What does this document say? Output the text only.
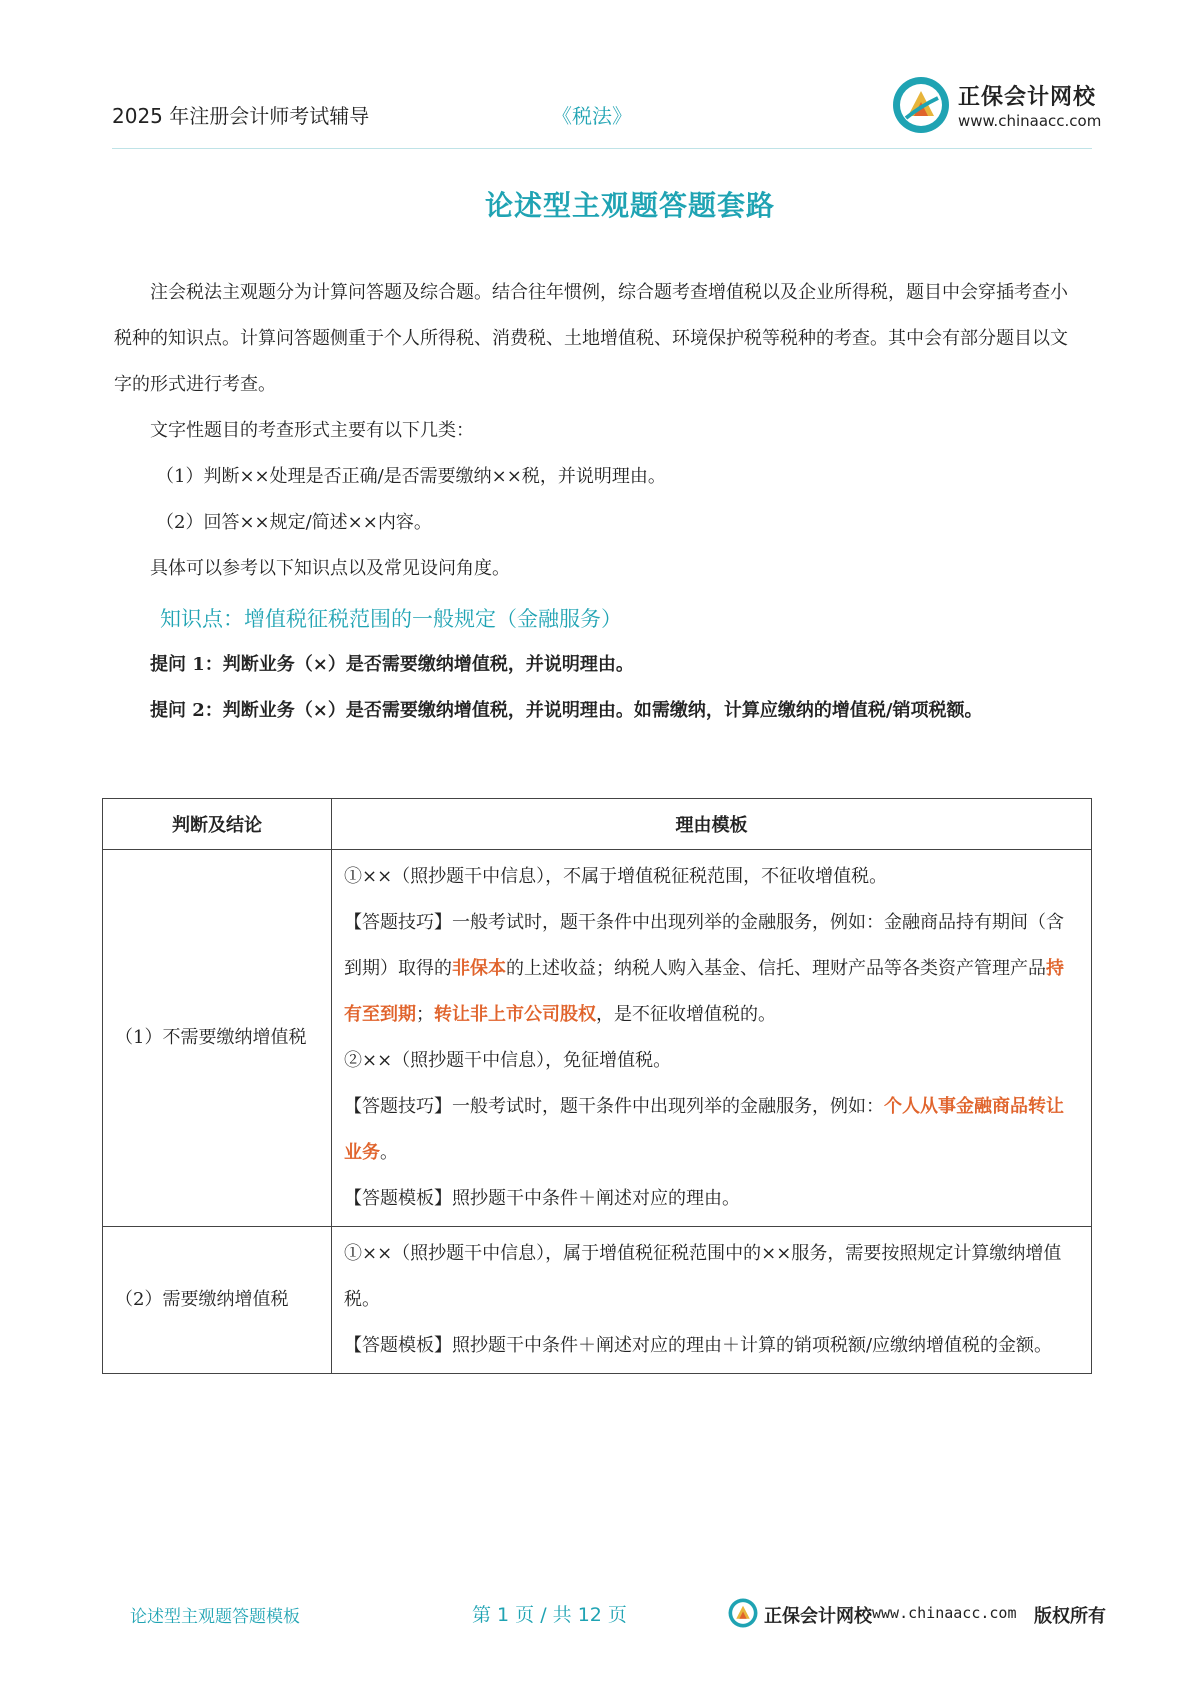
2025 年注册会计师考试辅导	《税法》
正保会计网校
www.chinaacc.com
论述型主观题答题套路

注会税法主观题分为计算问答题及综合题。结合往年惯例，综合题考查增值税以及企业所得税，题目中会穿插考查小税种的知识点。计算问答题侧重于个人所得税、消费税、土地增值税、环境保护税等税种的考查。其中会有部分题目以文字的形式进行考查。

文字性题目的考查形式主要有以下几类：

（1）判断××处理是否正确/是否需要缴纳××税，并说明理由。

（2）回答××规定/简述××内容。

具体可以参考以下知识点以及常见设问角度。

知识点：增值税征税范围的一般规定（金融服务）

提问 1：判断业务（×）是否需要缴纳增值税，并说明理由。

提问 2：判断业务（×）是否需要缴纳增值税，并说明理由。如需缴纳，计算应缴纳的增值税/销项税额。

判断及结论	理由模板
（1）不需要缴纳增值税	①××（照抄题干中信息），不属于增值税征税范围，不征收增值税。

【答题技巧】一般考试时，题干条件中出现列举的金融服务，例如：金融商品持有期间（含到期）取得的非保本的上述收益；纳税人购入基金、信托、理财产品等各类资产管理产品持有至到期；转让非上市公司股权，是不征收增值税的。

②××（照抄题干中信息），免征增值税。

【答题技巧】一般考试时，题干条件中出现列举的金融服务，例如：个人从事金融商品转让业务。

【答题模板】照抄题干中条件＋阐述对应的理由。

（2）需要缴纳增值税	①××（照抄题干中信息），属于增值税征税范围中的××服务，需要按照规定计算缴纳增值税。

【答题模板】照抄题干中条件＋阐述对应的理由＋计算的销项税额/应缴纳增值税的金额。

论述型主观题答题模板	第 1 页 / 共 12 页	正保会计网校 www.chinaacc.com 版权所有
